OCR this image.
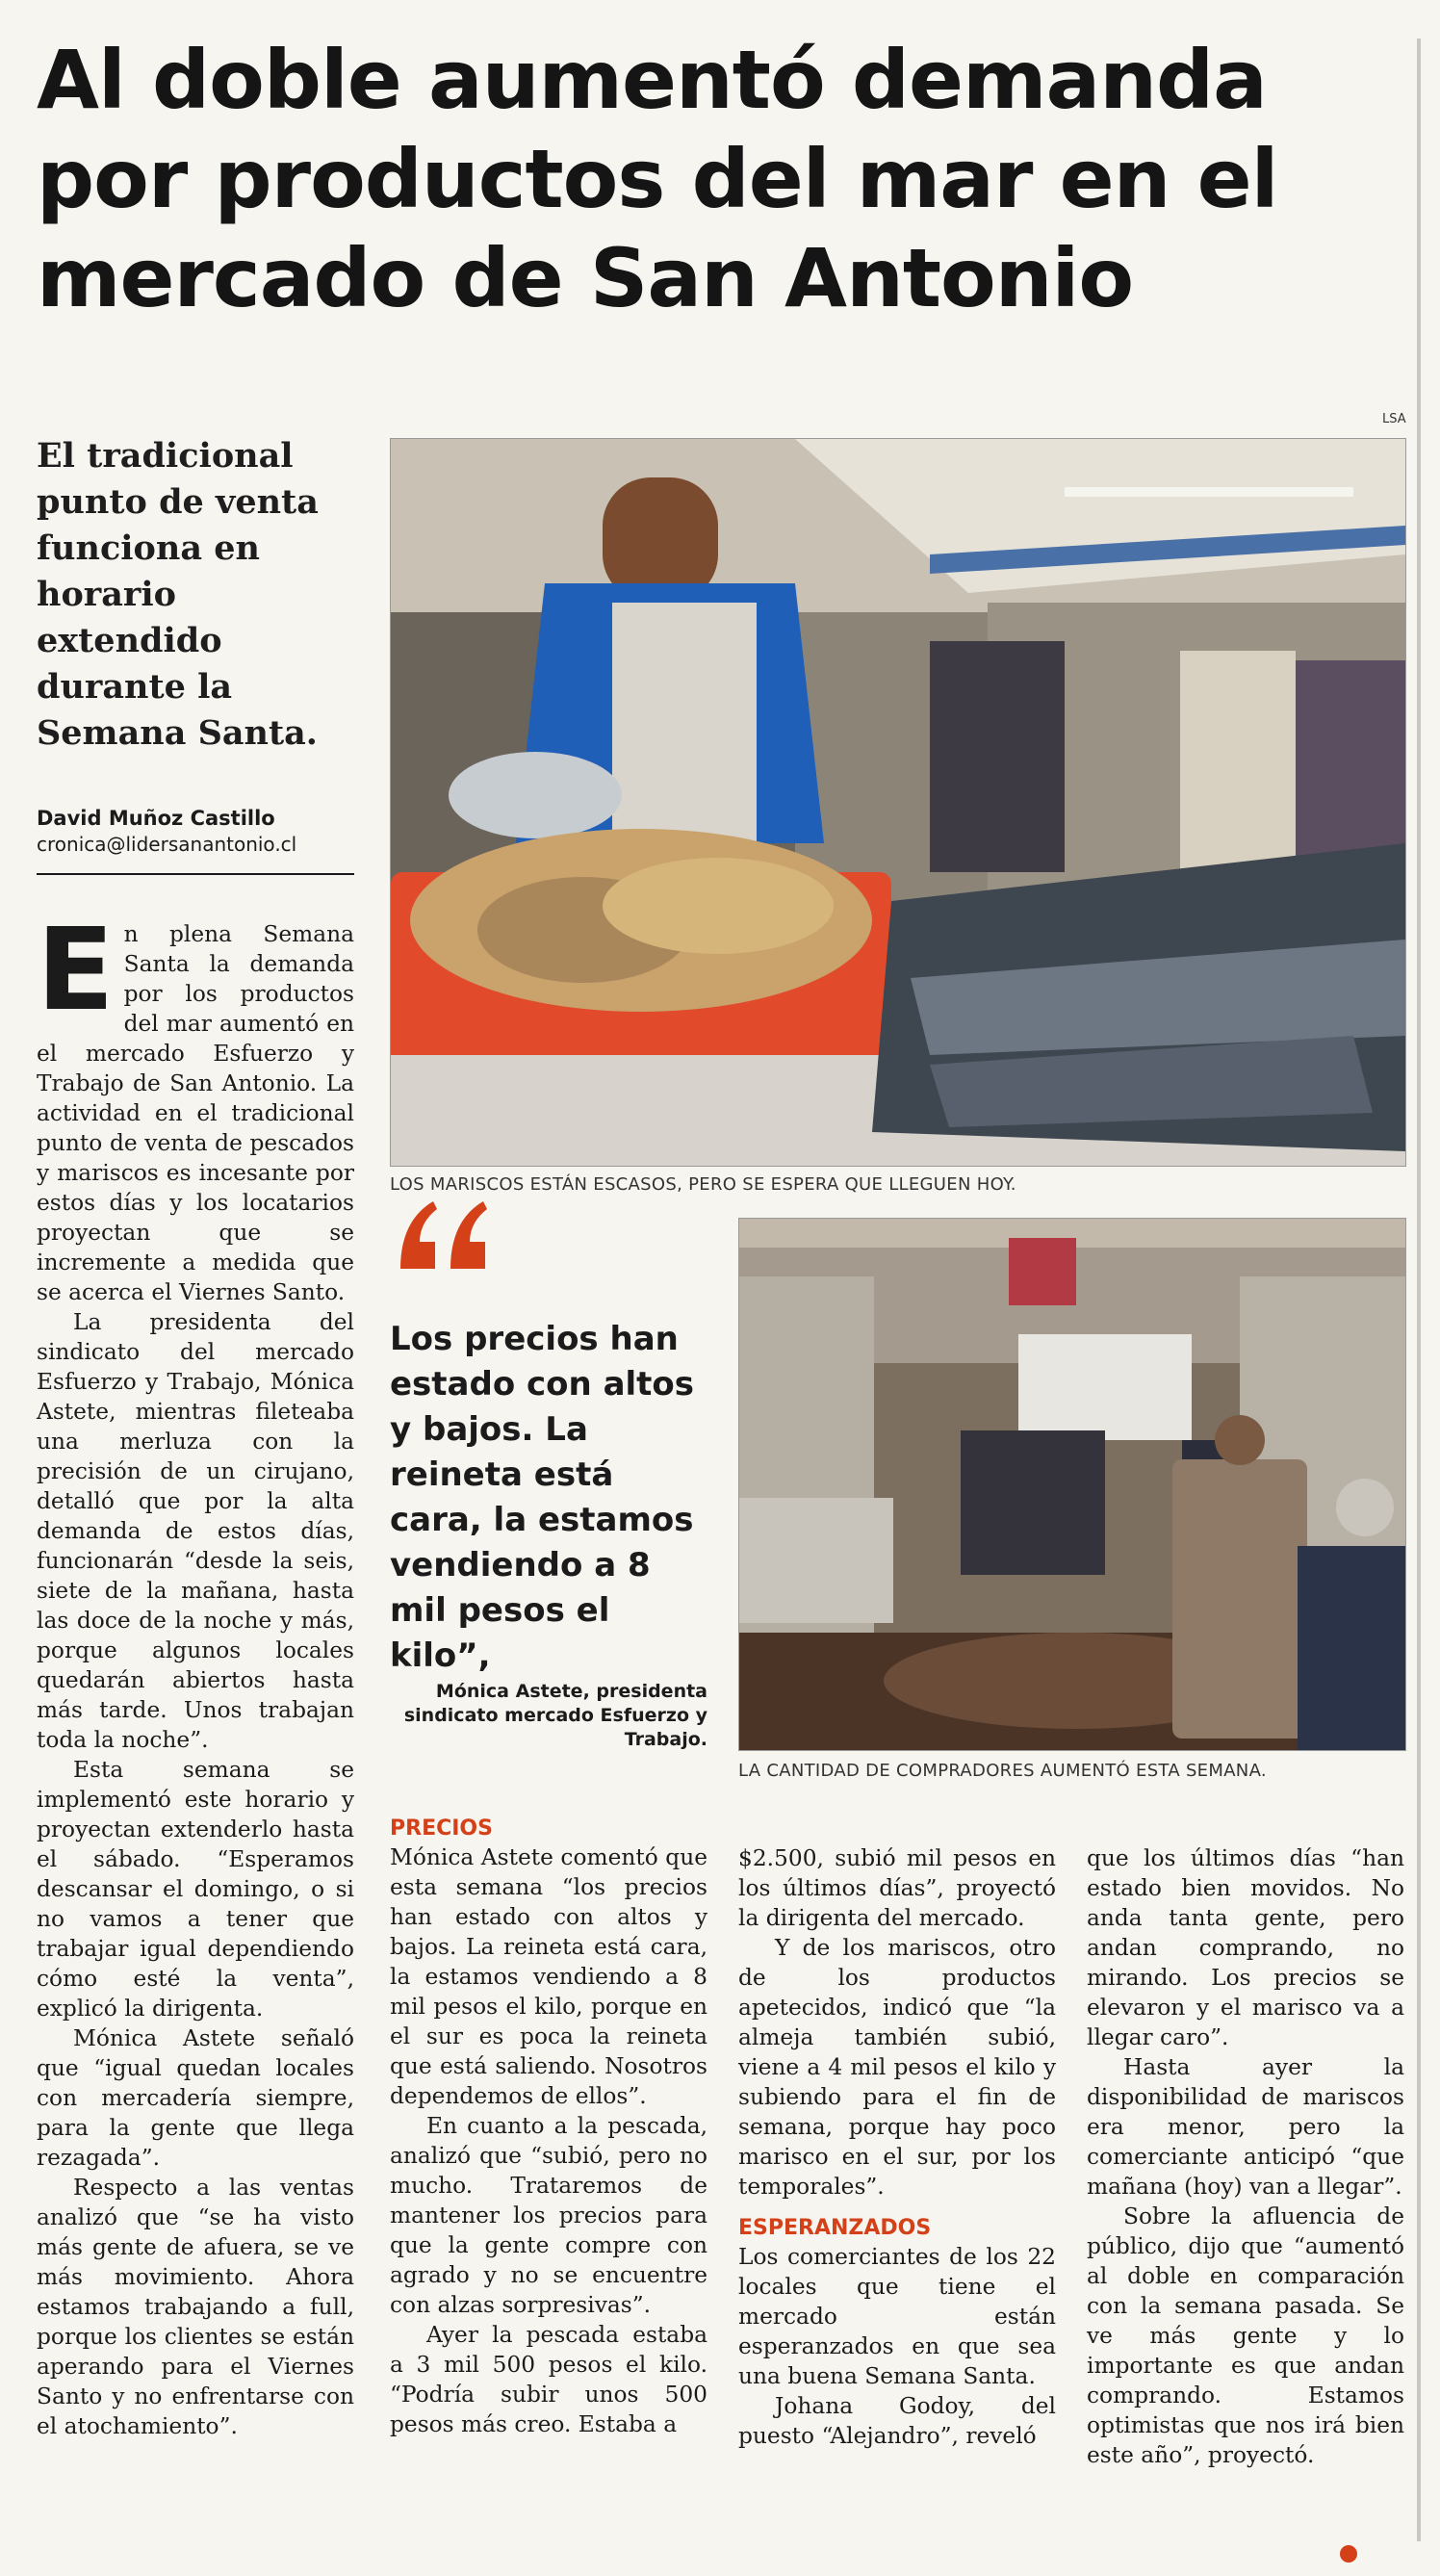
Al doble aumentó demanda por productos del mar en el mercado de San Antonio
El tradicional punto de venta funciona en horario extendido durante la Semana Santa.
David Muñoz Castillo
cronica@lidersanantonio.cl
LSA
LOS MARISCOS ESTÁN ESCASOS, PERO SE ESPERA QUE LLEGUEN HOY.
Los precios han estado con altos y bajos. La reineta está cara, la estamos vendiendo a 8 mil pesos el kilo”,
Mónica Astete, presidenta sindicato mercado Esfuerzo y Trabajo.
LA CANTIDAD DE COMPRADORES AUMENTÓ ESTA SEMANA.

En plena Semana Santa la demanda por los productos del mar aumentó en el mercado Esfuerzo y Trabajo de San Antonio. La actividad en el tradicional punto de venta de pescados y mariscos es incesante por estos días y los locatarios proyectan que se incremente a medida que se acerca el Viernes Santo.

La presidenta del sindicato del mercado Esfuerzo y Trabajo, Mónica Astete, mientras fileteaba una merluza con la precisión de un cirujano, detalló que por la alta demanda de estos días, funcionarán “desde la seis, siete de la mañana, hasta las doce de la noche y más, porque algunos locales quedarán abiertos hasta más tarde. Unos trabajan toda la noche”.

Esta semana se implementó este horario y proyectan extenderlo hasta el sábado. “Esperamos descansar el domingo, o si no vamos a tener que trabajar igual dependiendo cómo esté la venta”, explicó la dirigenta.

Mónica Astete señaló que “igual quedan locales con mercadería siempre, para la gente que llega rezagada”.

Respecto a las ventas analizó que “se ha visto más gente de afuera, se ve más movimiento. Ahora estamos trabajando a full, porque los clientes se están aperando para el Viernes Santo y no enfrentarse con el atochamiento”.

PRECIOS

Mónica Astete comentó que esta semana “los precios han estado con altos y bajos. La reineta está cara, la estamos vendiendo a 8 mil pesos el kilo, porque en el sur es poca la reineta que está saliendo. Nosotros dependemos de ellos”.

En cuanto a la pescada, analizó que “subió, pero no mucho. Trataremos de mantener los precios para que la gente compre con agrado y no se encuentre con alzas sorpresivas”.

Ayer la pescada estaba a 3 mil 500 pesos el kilo. “Podría subir unos 500 pesos más creo. Estaba a

$2.500, subió mil pesos en los últimos días”, proyectó la dirigenta del mercado.

Y de los mariscos, otro de los productos apetecidos, indicó que “la almeja también subió, viene a 4 mil pesos el kilo y subiendo para el fin de semana, porque hay poco marisco en el sur, por los temporales”.

ESPERANZADOS

Los comerciantes de los 22 locales que tiene el mercado están esperanzados en que sea una buena Semana Santa.

Johana Godoy, del puesto “Alejandro”, reveló

que los últimos días “han estado bien movidos. No anda tanta gente, pero andan comprando, no mirando. Los precios se elevaron y el marisco va a llegar caro”.

Hasta ayer la disponibilidad de mariscos era menor, pero la comerciante anticipó “que mañana (hoy) van a llegar”.

Sobre la afluencia de público, dijo que “aumentó al doble en comparación con la semana pasada. Se ve más gente y lo importante es que andan comprando. Estamos optimistas que nos irá bien este año”, proyectó.
